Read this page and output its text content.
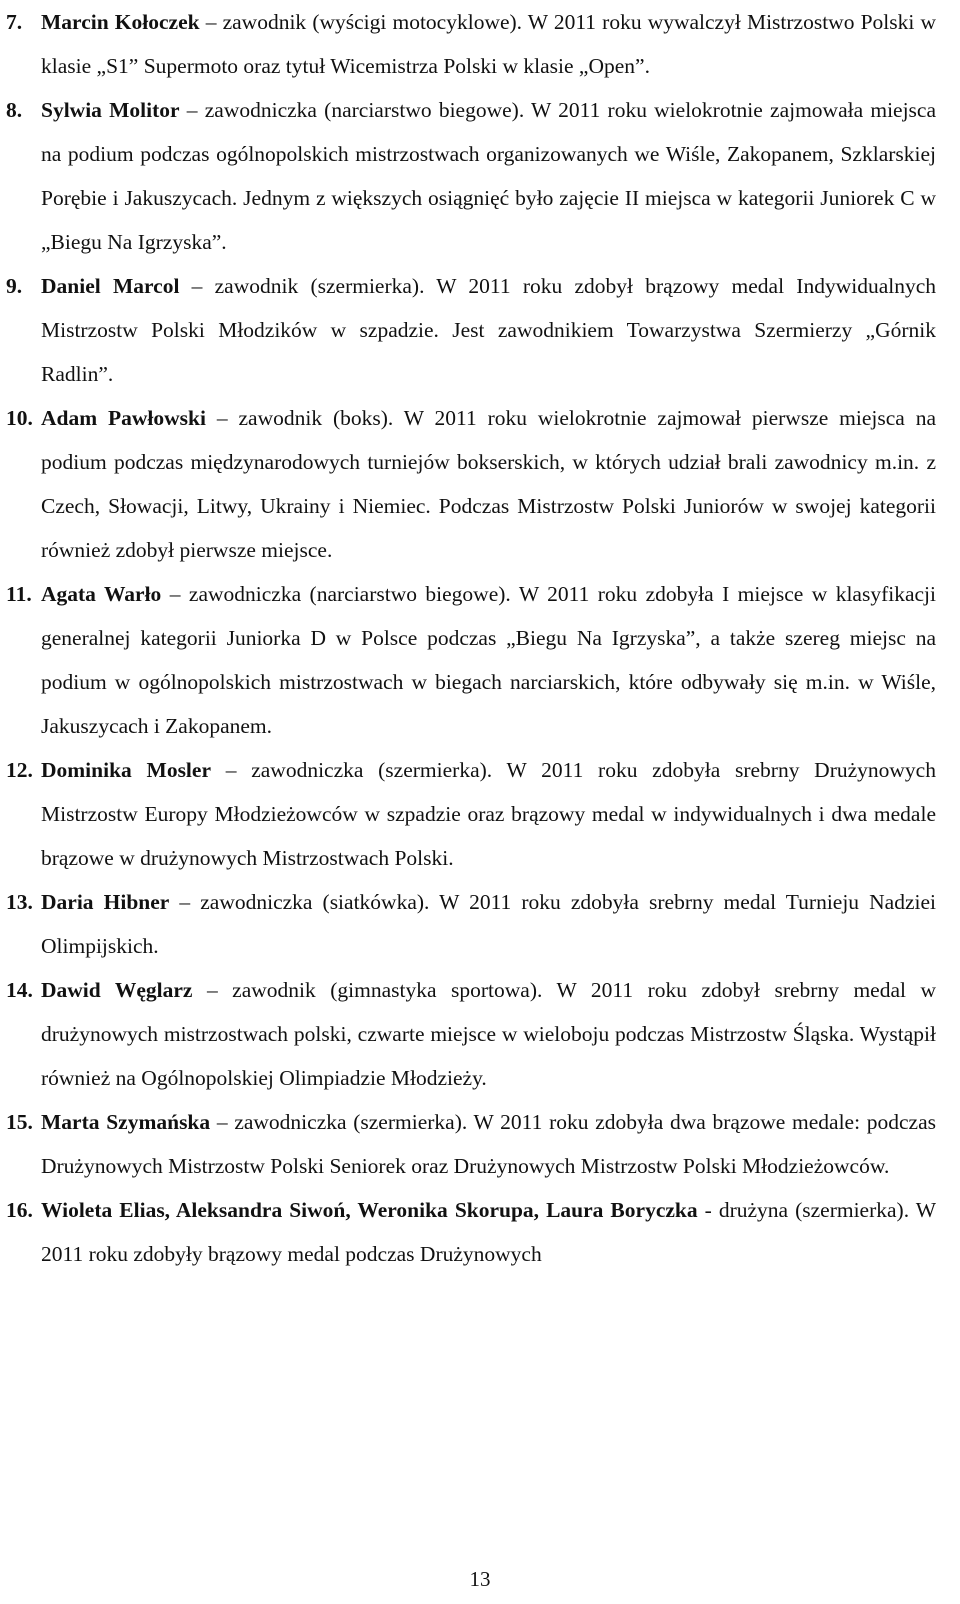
7. Marcin Kołoczek – zawodnik (wyścigi motocyklowe). W 2011 roku wywalczył Mistrzostwo Polski w klasie „S1” Supermoto oraz tytuł Wicemistrza Polski w klasie „Open”.

8. Sylwia Molitor – zawodniczka (narciarstwo biegowe). W 2011 roku wielokrotnie zajmowała miejsca na podium podczas ogólnopolskich mistrzostwach organizowanych we Wiśle, Zakopanem, Szklarskiej Porębie i Jakuszycach. Jednym z większych osiągnięć było zajęcie II miejsca w kategorii Juniorek C w „Biegu Na Igrzyska”.

9. Daniel Marcol – zawodnik (szermierka). W 2011 roku zdobył brązowy medal Indywidualnych Mistrzostw Polski Młodzików w szpadzie. Jest zawodnikiem Towarzystwa Szermierzy „Górnik Radlin”.

10. Adam Pawłowski – zawodnik (boks). W 2011 roku wielokrotnie zajmował pierwsze miejsca na podium podczas międzynarodowych turniejów bokserskich, w których udział brali zawodnicy m.in. z Czech, Słowacji, Litwy, Ukrainy i Niemiec. Podczas Mistrzostw Polski Juniorów w swojej kategorii również zdobył pierwsze miejsce.

11. Agata Warło – zawodniczka (narciarstwo biegowe). W 2011 roku zdobyła I miejsce w klasyfikacji generalnej kategorii Juniorka D w Polsce podczas „Biegu Na Igrzyska”, a także szereg miejsc na podium w ogólnopolskich mistrzostwach w biegach narciarskich, które odbywały się m.in. w Wiśle, Jakuszycach i Zakopanem.

12. Dominika Mosler – zawodniczka (szermierka). W 2011 roku zdobyła srebrny Drużynowych Mistrzostw Europy Młodzieżowców w szpadzie oraz brązowy medal w indywidualnych i dwa medale brązowe w drużynowych Mistrzostwach Polski.

13. Daria Hibner – zawodniczka (siatkówka). W 2011 roku zdobyła srebrny medal Turnieju Nadziei Olimpijskich.

14. Dawid Węglarz – zawodnik (gimnastyka sportowa). W 2011 roku zdobył srebrny medal w drużynowych mistrzostwach polski, czwarte miejsce w wieloboju podczas Mistrzostw Śląska. Wystąpił również na Ogólnopolskiej Olimpiadzie Młodzieży.

15. Marta Szymańska – zawodniczka (szermierka). W 2011 roku zdobyła dwa brązowe medale: podczas Drużynowych Mistrzostw Polski Seniorek oraz Drużynowych Mistrzostw Polski Młodzieżowców.

16. Wioleta Elias, Aleksandra Siwoń, Weronika Skorupa, Laura Boryczka - drużyna (szermierka). W 2011 roku zdobyły brązowy medal podczas Drużynowych

13
